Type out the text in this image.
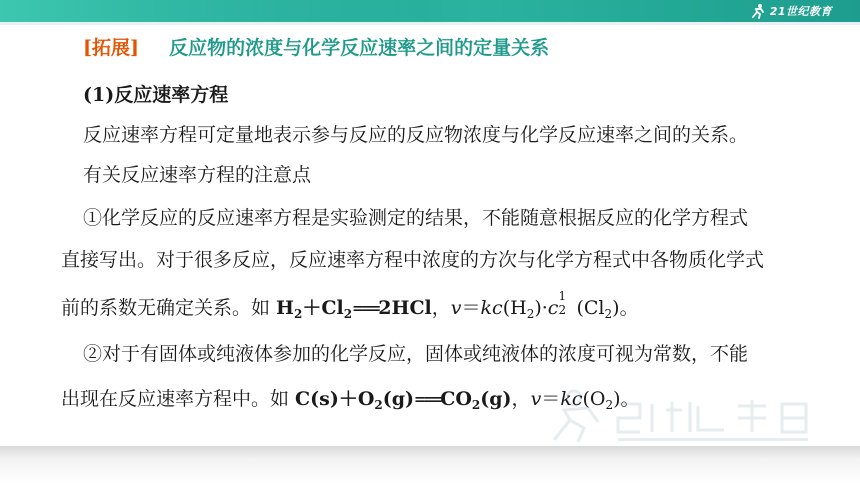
21世纪教育
[拓展] 反应物的浓度与化学反应速率之间的定量关系
(1)反应速率方程
反应速率方程可定量地表示参与反应的反应物浓度与化学反应速率之间的关系。
有关反应速率方程的注意点
①化学反应的反应速率方程是实验测定的结果，不能随意根据反应的化学方程式
直接写出。对于很多反应，反应速率方程中浓度的方次与化学方程式中各物质化学式
前的系数无确定关系。如 $H_2+Cl_2===2HCl$，$v=kc(H_2)\cdot c$
1
2 $(Cl_2)$。
②对于有固体或纯液体参加的化学反应，固体或纯液体的浓度可视为常数，不能
出现在反应速率方程中。如 $C(s)+O_2(g)===CO_2(g)$，$v=kc(O_2)$。
